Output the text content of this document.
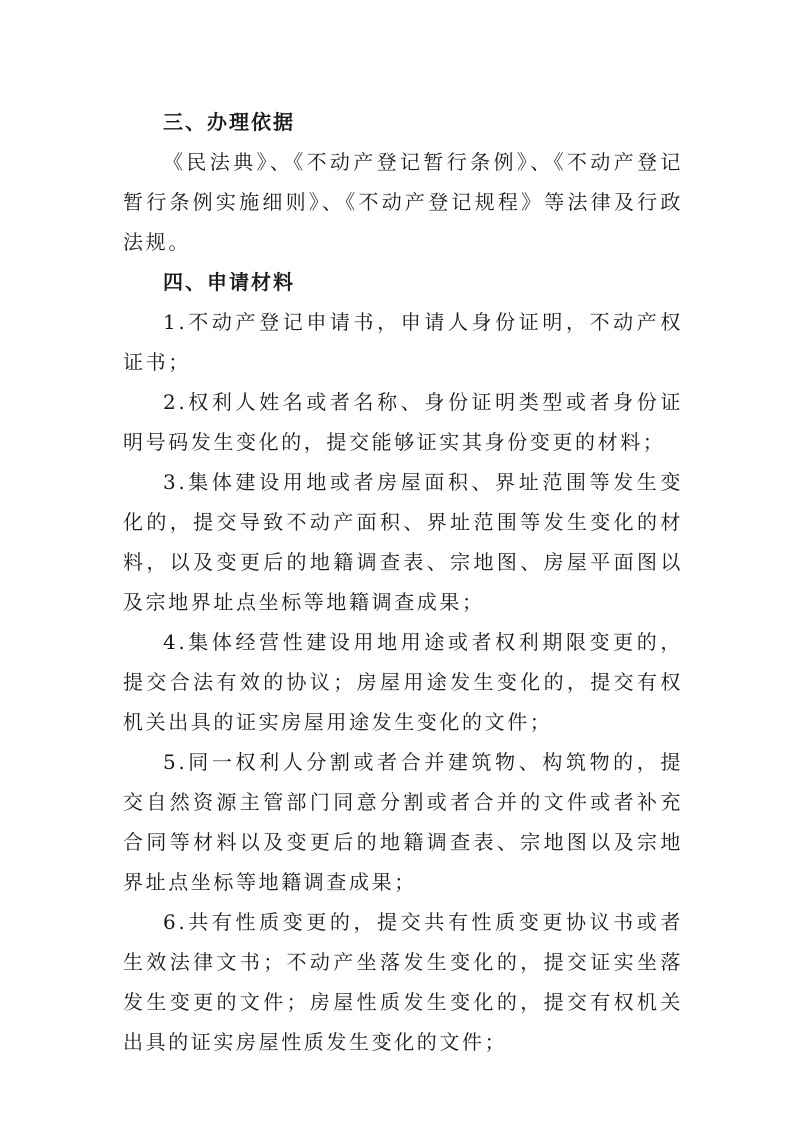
三、办理依据

《民法典》、《不动产登记暂行条例》、《不动产登记暂行条例实施细则》、《不动产登记规程》等法律及行政法规。

四、申请材料

1.不动产登记申请书，申请人身份证明，不动产权证书；

2.权利人姓名或者名称、身份证明类型或者身份证明号码发生变化的，提交能够证实其身份变更的材料；

3.集体建设用地或者房屋面积、界址范围等发生变化的，提交导致不动产面积、界址范围等发生变化的材料，以及变更后的地籍调查表、宗地图、房屋平面图以及宗地界址点坐标等地籍调查成果；

4.集体经营性建设用地用途或者权利期限变更的，提交合法有效的协议；房屋用途发生变化的，提交有权机关出具的证实房屋用途发生变化的文件；

5.同一权利人分割或者合并建筑物、构筑物的，提交自然资源主管部门同意分割或者合并的文件或者补充合同等材料以及变更后的地籍调查表、宗地图以及宗地界址点坐标等地籍调查成果；

6.共有性质变更的，提交共有性质变更协议书或者生效法律文书；不动产坐落发生变化的，提交证实坐落发生变更的文件；房屋性质发生变化的，提交有权机关出具的证实房屋性质发生变化的文件；
